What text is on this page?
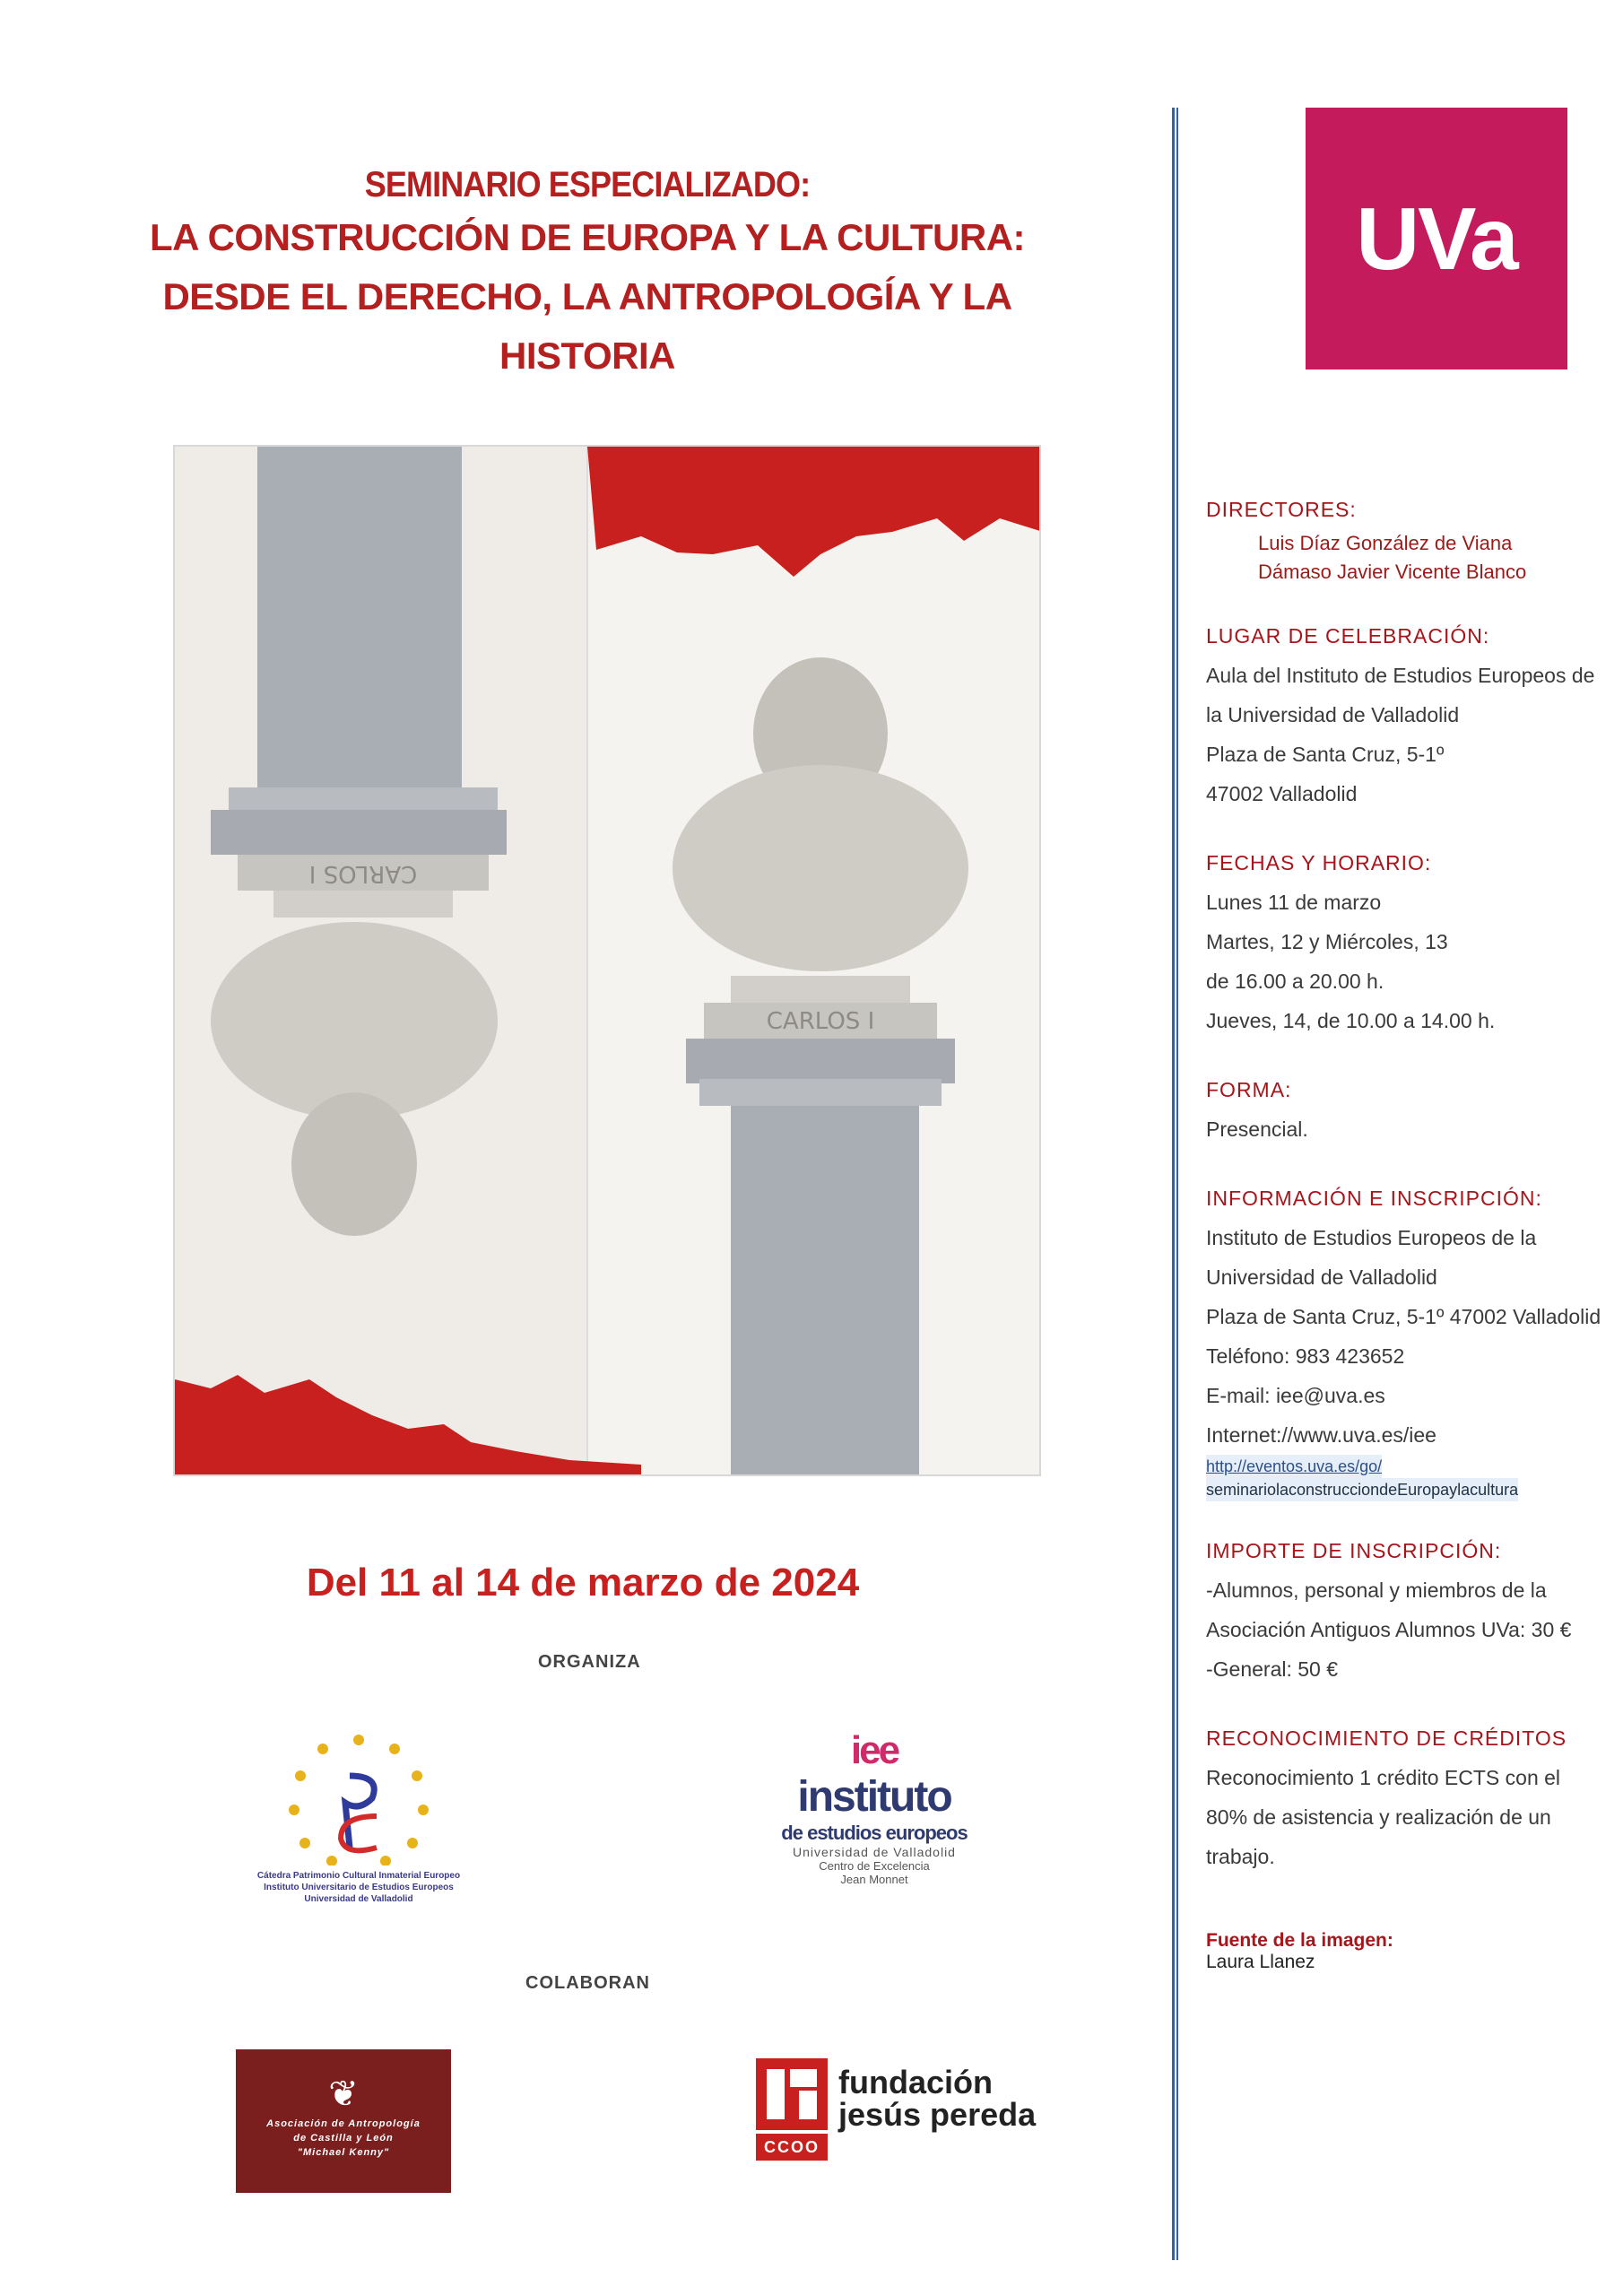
SEMINARIO ESPECIALIZADO:
LA CONSTRUCCIÓN DE EUROPA Y LA CULTURA:
DESDE EL DERECHO, LA ANTROPOLOGÍA Y LA
HISTORIA
CARLOS I
CARLOS I
Del 11 al 14 de marzo de 2024
ORGANIZA
Cátedra Patrimonio Cultural Inmaterial Europeo
Instituto Universitario de Estudios Europeos
Universidad de Valladolid
iee
instituto
de estudios europeos
Universidad de Valladolid
Centro de Excelencia
Jean Monnet
COLABORAN
❦
Asociación de Antropología
de Castilla y León
"Michael Kenny"	CCOO
fundación
jesús pereda
UVa
DIRECTORES:
Luis Díaz González de Viana
Dámaso Javier Vicente Blanco
LUGAR DE CELEBRACIÓN:
Aula del Instituto de Estudios Europeos de
la Universidad de Valladolid
Plaza de Santa Cruz, 5-1º
47002 Valladolid
FECHAS Y HORARIO:
Lunes 11 de marzo
Martes, 12 y Miércoles, 13
de 16.00 a 20.00 h.
Jueves, 14, de 10.00 a 14.00 h.
FORMA:
Presencial.
INFORMACIÓN E INSCRIPCIÓN:
Instituto de Estudios Europeos de la
Universidad de Valladolid
Plaza de Santa Cruz, 5-1º 47002 Valladolid
Teléfono: 983 423652
E-mail: iee@uva.es
Internet://www.uva.es/iee
http://eventos.uva.es/go/
seminariolaconstrucciondeEuropaylacultura
IMPORTE DE INSCRIPCIÓN:
-Alumnos, personal y miembros de la
Asociación Antiguos Alumnos UVa: 30 €
-General: 50 €
RECONOCIMIENTO DE CRÉDITOS
Reconocimiento 1 crédito ECTS con el
80% de asistencia y realización de un
trabajo.
Fuente de la imagen:
Laura Llanez
